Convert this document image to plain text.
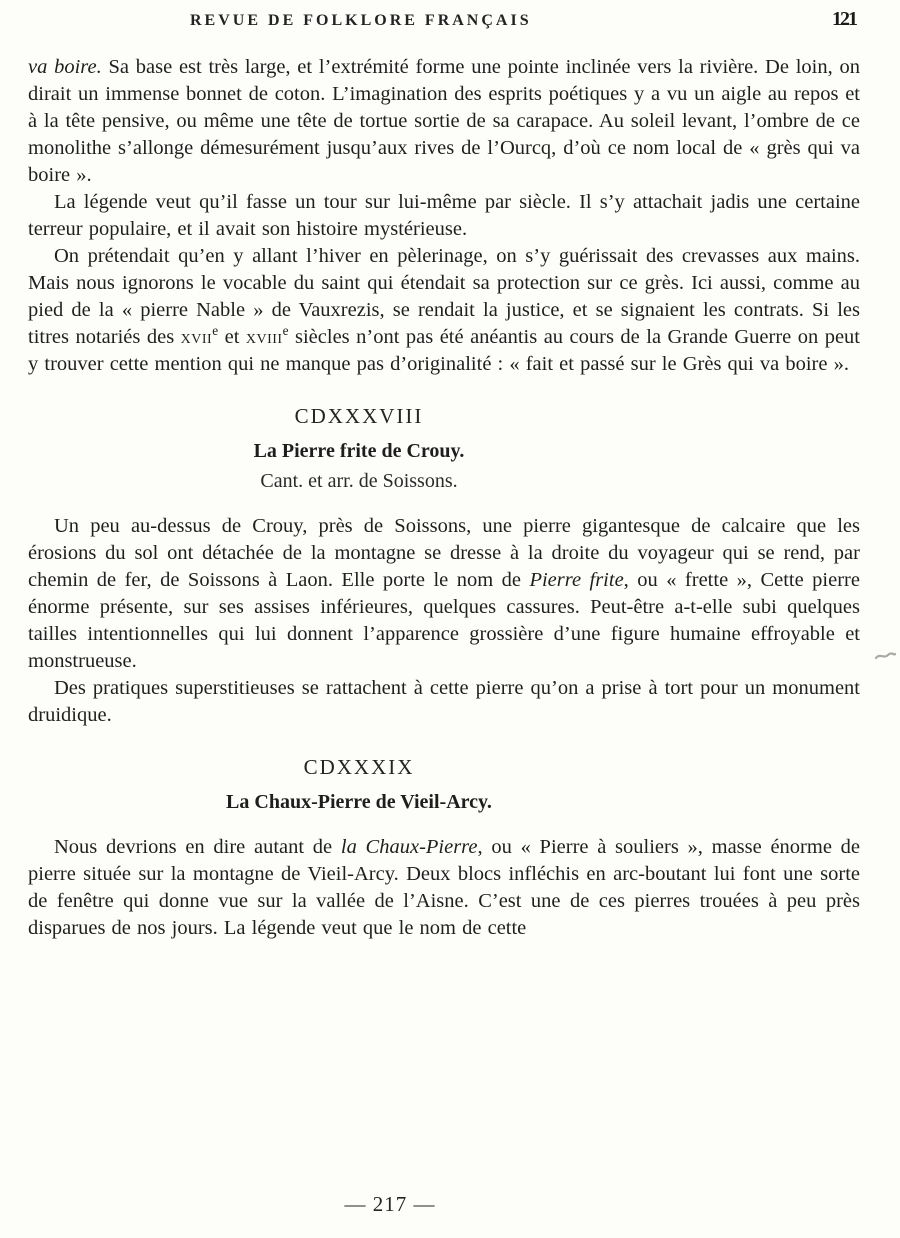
REVUE DE FOLKLORE FRANÇAIS	121

va boire. Sa base est très large, et l’extrémité forme une pointe inclinée vers la rivière. De loin, on dirait un immense bonnet de coton. L’imagination des esprits poétiques y a vu un aigle au repos et à la tête pensive, ou même une tête de tortue sortie de sa carapace. Au soleil levant, l’ombre de ce monolithe s’allonge démesurément jusqu’aux rives de l’Ourcq, d’où ce nom local de « grès qui va boire ».

La légende veut qu’il fasse un tour sur lui-même par siècle. Il s’y attachait jadis une certaine terreur populaire, et il avait son histoire mystérieuse.

On prétendait qu’en y allant l’hiver en pèlerinage, on s’y guérissait des crevasses aux mains. Mais nous ignorons le vocable du saint qui étendait sa protection sur ce grès. Ici aussi, comme au pied de la « pierre Nable » de Vauxrezis, se rendait la justice, et se signaient les contrats. Si les titres notariés des xvii$^e$ et xviii$^e$ siècles n’ont pas été anéantis au cours de la Grande Guerre on peut y trouver cette mention qui ne manque pas d’originalité : « fait et passé sur le Grès qui va boire ».

CDXXXVIII
La Pierre frite de Crouy.
Cant. et arr. de Soissons.

Un peu au-dessus de Crouy, près de Soissons, une pierre gigantesque de calcaire que les érosions du sol ont détachée de la montagne se dresse à la droite du voyageur qui se rend, par chemin de fer, de Soissons à Laon. Elle porte le nom de Pierre frite, ou « frette », Cette pierre énorme présente, sur ses assises inférieures, quelques cassures. Peut-être a-t-elle subi quelques tailles intentionnelles qui lui donnent l’apparence grossière d’une figure humaine effroyable et monstrueuse.

Des pratiques superstitieuses se rattachent à cette pierre qu’on a prise à tort pour un monument druidique.

CDXXXIX
La Chaux-Pierre de Vieil-Arcy.

Nous devrions en dire autant de la Chaux-Pierre, ou « Pierre à souliers », masse énorme de pierre située sur la montagne de Vieil-Arcy. Deux blocs infléchis en arc-boutant lui font une sorte de fenêtre qui donne vue sur la vallée de l’Aisne. C’est une de ces pierres trouées à peu près disparues de nos jours. La légende veut que le nom de cette

— 217 —
